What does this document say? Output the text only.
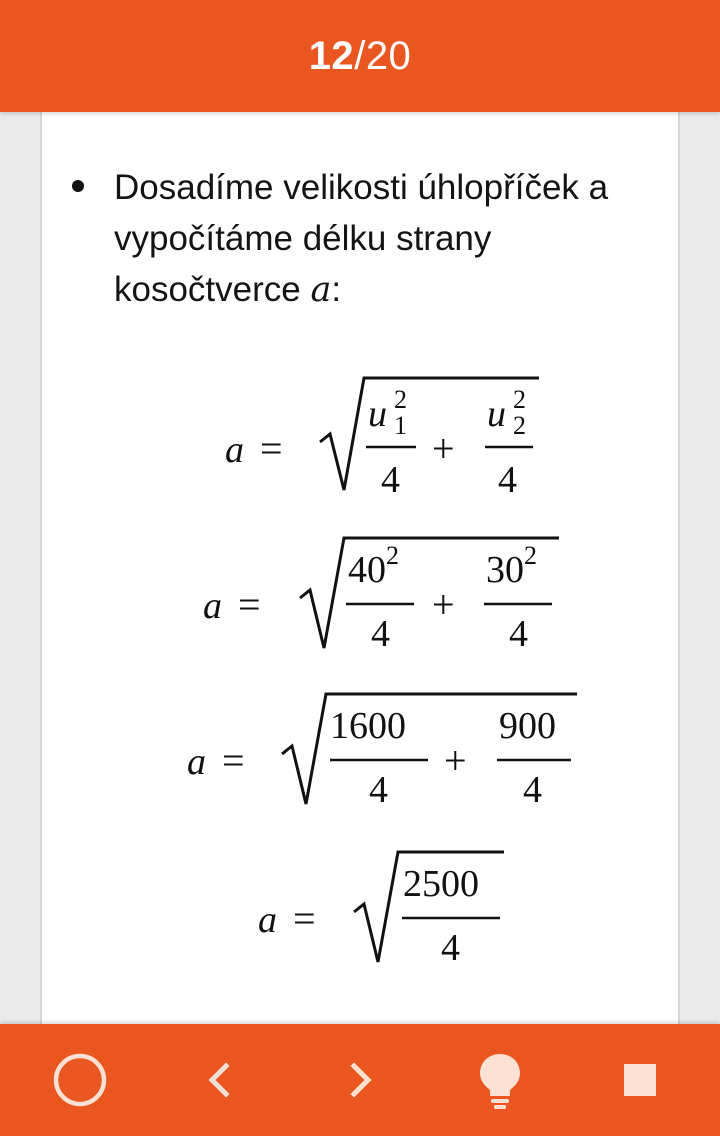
12/20
Dosadíme velikosti úhlopříček a vypočítáme délku strany kosočtverce a:
a =
u 2
1
4
+
u 2
2
4
a =
40 2
4
+
30 2
4
a =
1600
4
+
900
4
a =
2500
4
